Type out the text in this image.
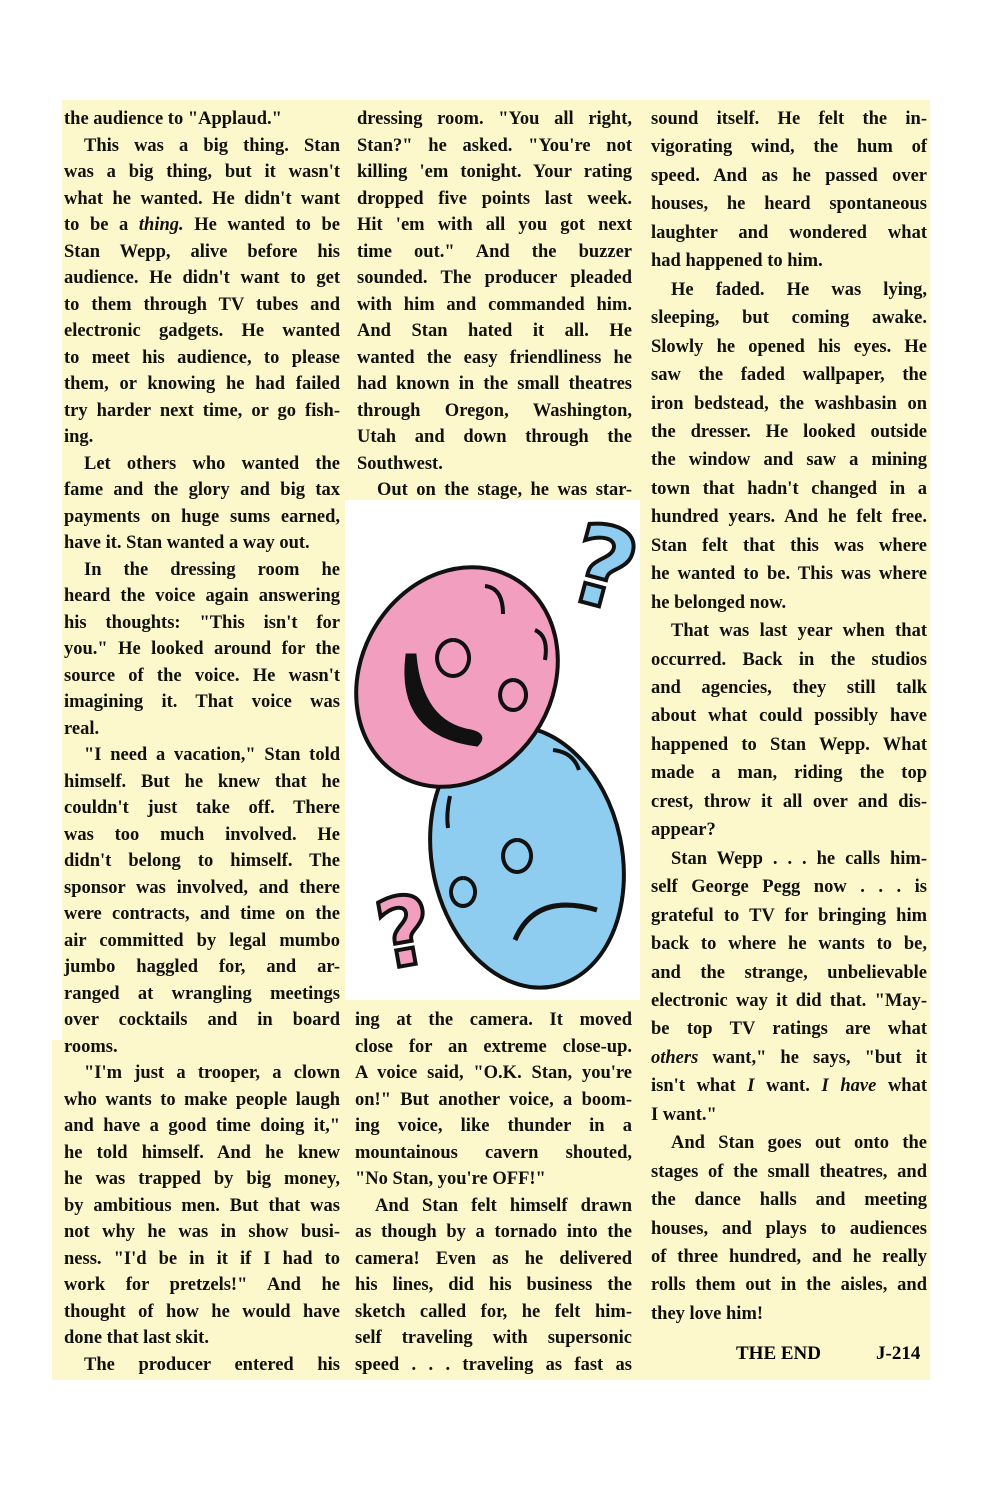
the audience to "Applaud."
This was a big thing. Stan
was a big thing, but it wasn't
what he wanted. He didn't want
to be a thing. He wanted to be
Stan Wepp, alive before his
audience. He didn't want to get
to them through TV tubes and
electronic gadgets. He wanted
to meet his audience, to please
them, or knowing he had failed
try harder next time, or go fish-
ing.
Let others who wanted the
fame and the glory and big tax
payments on huge sums earned,
have it. Stan wanted a way out.
In the dressing room he
heard the voice again answering
his thoughts: "This isn't for
you." He looked around for the
source of the voice. He wasn't
imagining it. That voice was
real.
"I need a vacation," Stan told
himself. But he knew that he
couldn't just take off. There
was too much involved. He
didn't belong to himself. The
sponsor was involved, and there
were contracts, and time on the
air committed by legal mumbo
jumbo haggled for, and ar-
ranged at wrangling meetings
over cocktails and in board
rooms.
"I'm just a trooper, a clown
who wants to make people laugh
and have a good time doing it,"
he told himself. And he knew
he was trapped by big money,
by ambitious men. But that was
not why he was in show busi-
ness. "I'd be in it if I had to
work for pretzels!" And he
thought of how he would have
done that last skit.
The producer entered his
dressing room. "You all right,
Stan?" he asked. "You're not
killing 'em tonight. Your rating
dropped five points last week.
Hit 'em with all you got next
time out." And the buzzer
sounded. The producer pleaded
with him and commanded him.
And Stan hated it all. He
wanted the easy friendliness he
had known in the small theatres
through Oregon, Washington,
Utah and down through the
Southwest.
Out on the stage, he was star-
ing at the camera. It moved
close for an extreme close-up.
A voice said, "O.K. Stan, you're
on!" But another voice, a boom-
ing voice, like thunder in a
mountainous cavern shouted,
"No Stan, you're OFF!"
And Stan felt himself drawn
as though by a tornado into the
camera! Even as he delivered
his lines, did his business the
sketch called for, he felt him-
self traveling with supersonic
speed . . . traveling as fast as
sound itself. He felt the in-
vigorating wind, the hum of
speed. And as he passed over
houses, he heard spontaneous
laughter and wondered what
had happened to him.
He faded. He was lying,
sleeping, but coming awake.
Slowly he opened his eyes. He
saw the faded wallpaper, the
iron bedstead, the washbasin on
the dresser. He looked outside
the window and saw a mining
town that hadn't changed in a
hundred years. And he felt free.
Stan felt that this was where
he wanted to be. This was where
he belonged now.
That was last year when that
occurred. Back in the studios
and agencies, they still talk
about what could possibly have
happened to Stan Wepp. What
made a man, riding the top
crest, throw it all over and dis-
appear?
Stan Wepp . . . he calls him-
self George Pegg now . . . is
grateful to TV for bringing him
back to where he wants to be,
and the strange, unbelievable
electronic way it did that. "May-
be top TV ratings are what
others want," he says, "but it
isn't what I want. I have what
I want."
And Stan goes out onto the
stages of the small theatres, and
the dance halls and meeting
houses, and plays to audiences
of three hundred, and he really
rolls them out in the aisles, and
they love him!
?
?
THE END	J-214
